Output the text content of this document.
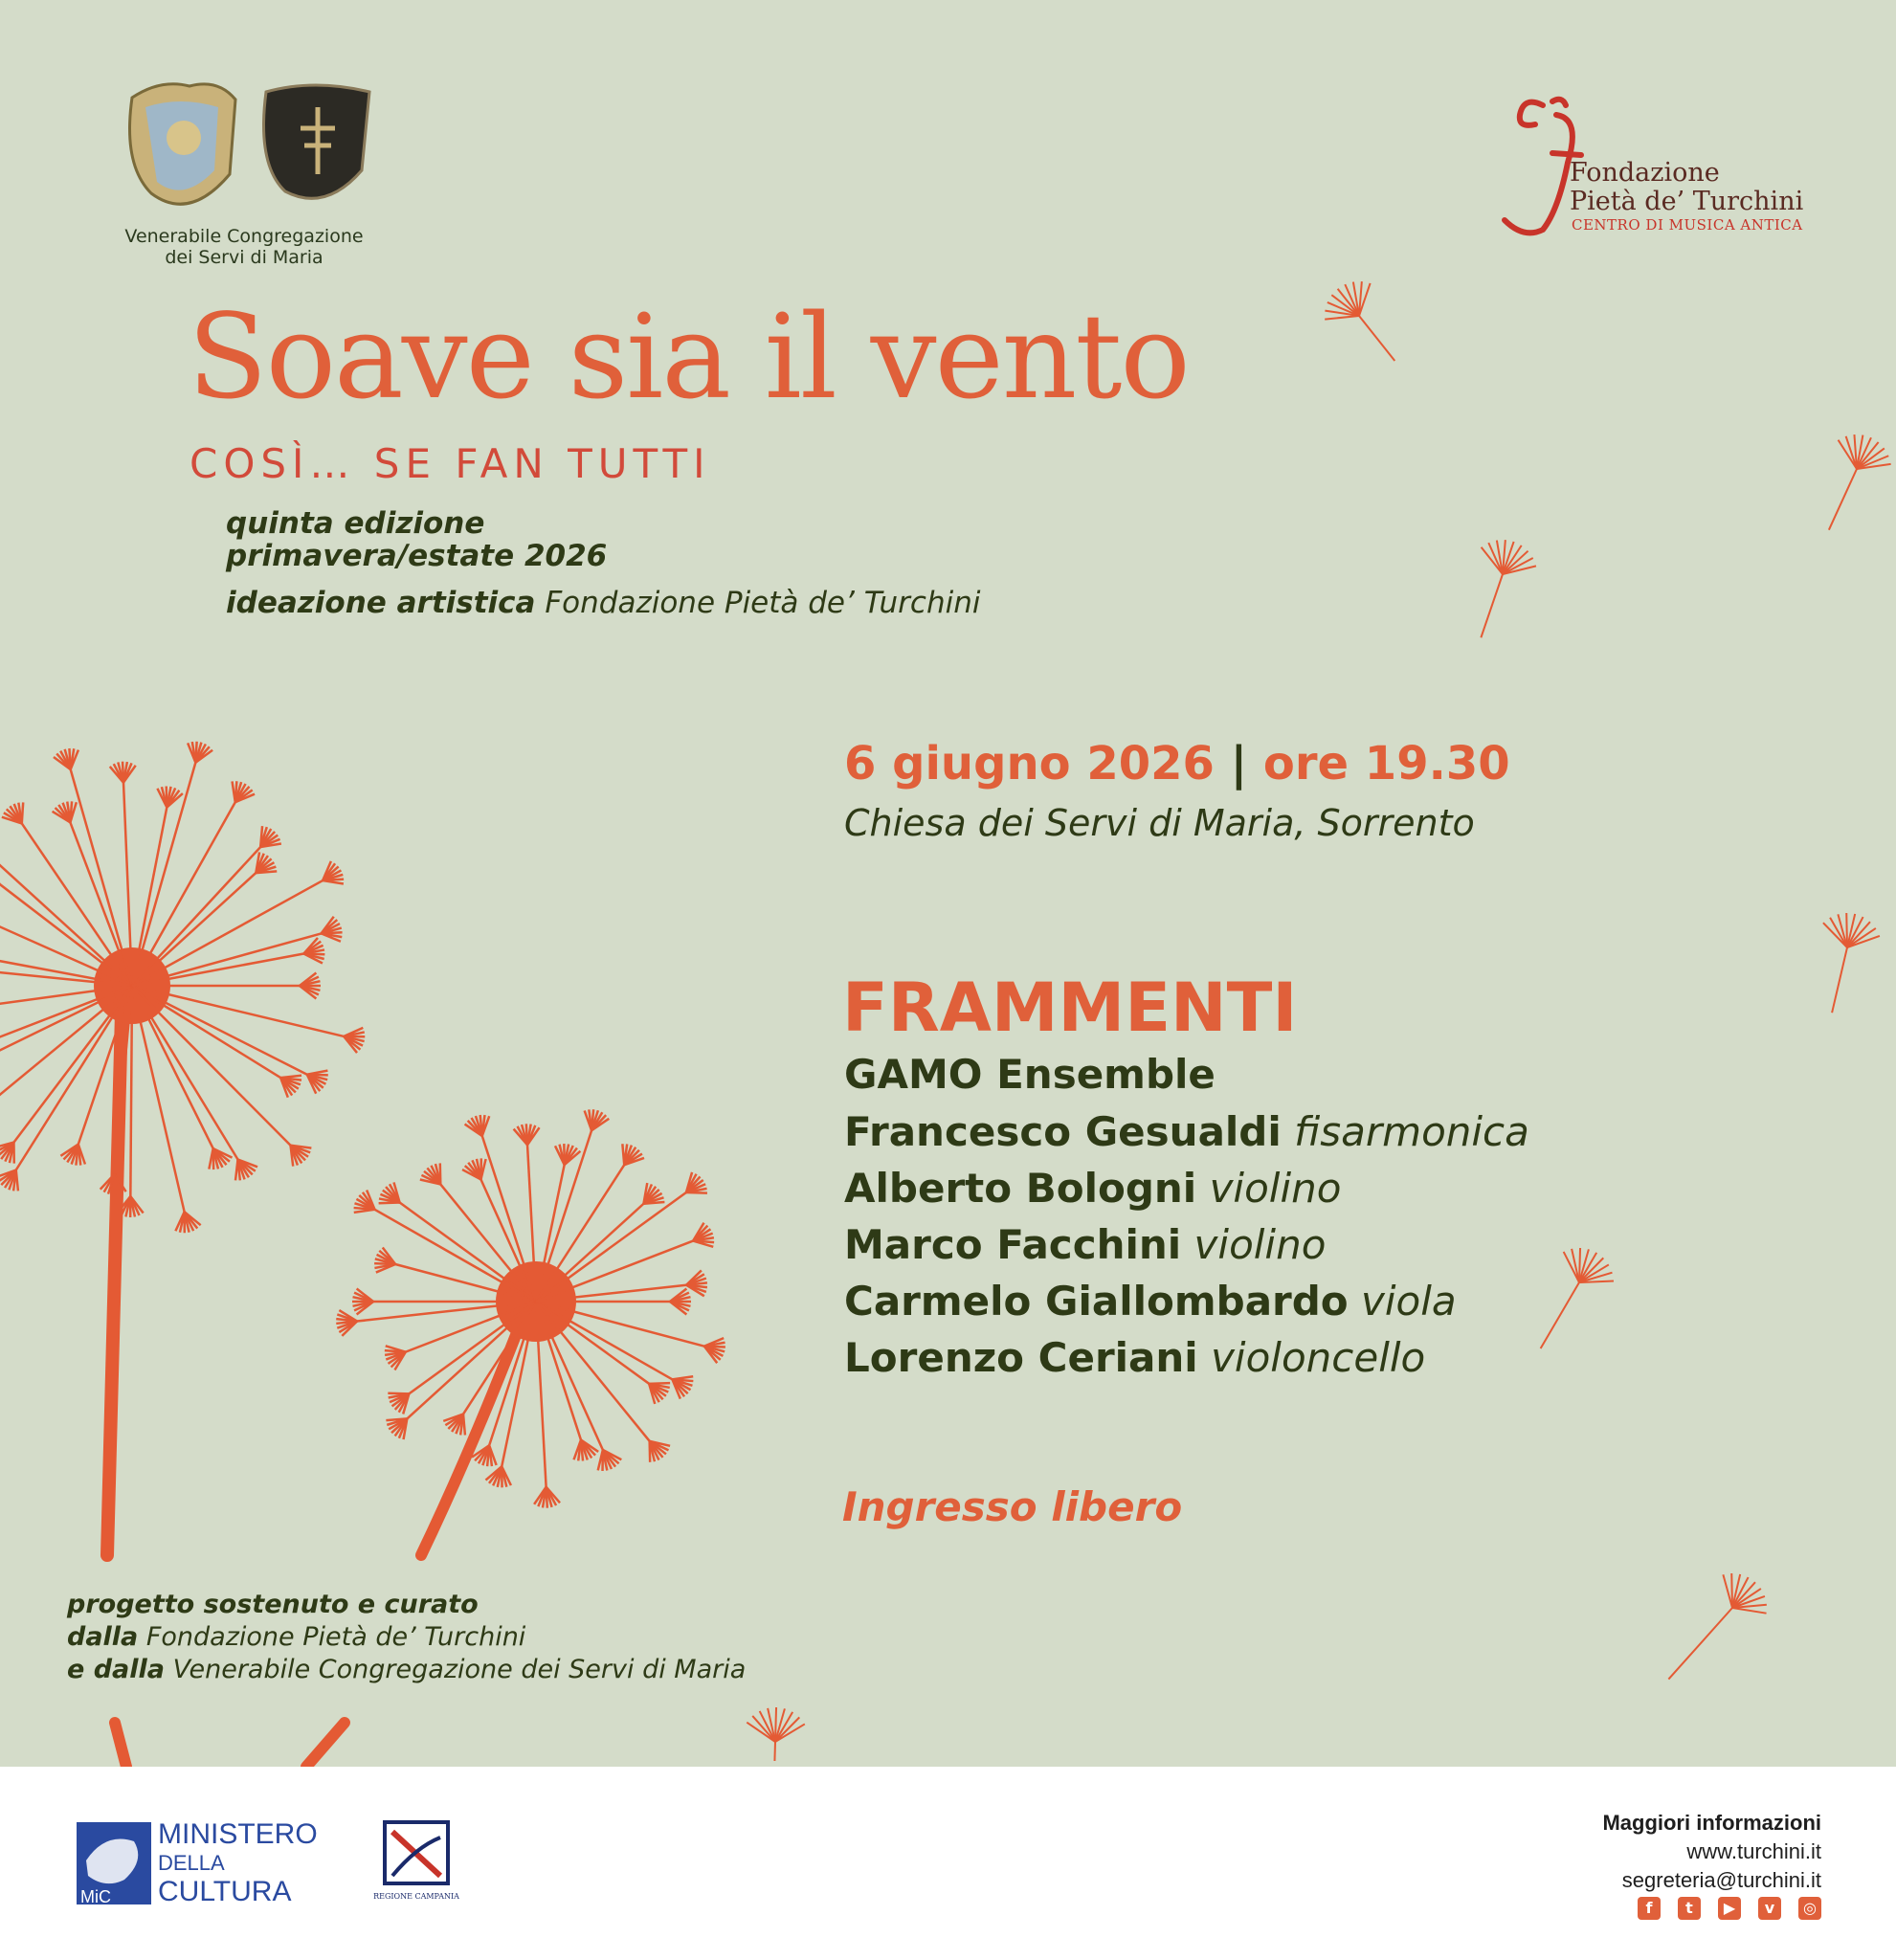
Venerabile Congregazione
dei Servi di Maria
Fondazione
Pietà de’ Turchini
CENTRO DI MUSICA ANTICA
Soave sia il vento
COSÌ… SE FAN TUTTI
quinta edizione
primavera/estate 2026
ideazione artistica Fondazione Pietà de’ Turchini
6 giugno 2026 | ore 19.30
Chiesa dei Servi di Maria, Sorrento
FRAMMENTI
GAMO Ensemble
Francesco Gesualdi fisarmonica
Alberto Bologni violino
Marco Facchini violino
Carmelo Giallombardo viola
Lorenzo Ceriani violoncello
Ingresso libero
progetto sostenuto e curato
dalla Fondazione Pietà de’ Turchini
e dalla Venerabile Congregazione dei Servi di Maria
MiC
MINISTERO
DELLA
CULTURA	REGIONE CAMPANIA
Maggiori informazioni
www.turchini.it
segreteria@turchini.it
f	t	▶	v	◎
